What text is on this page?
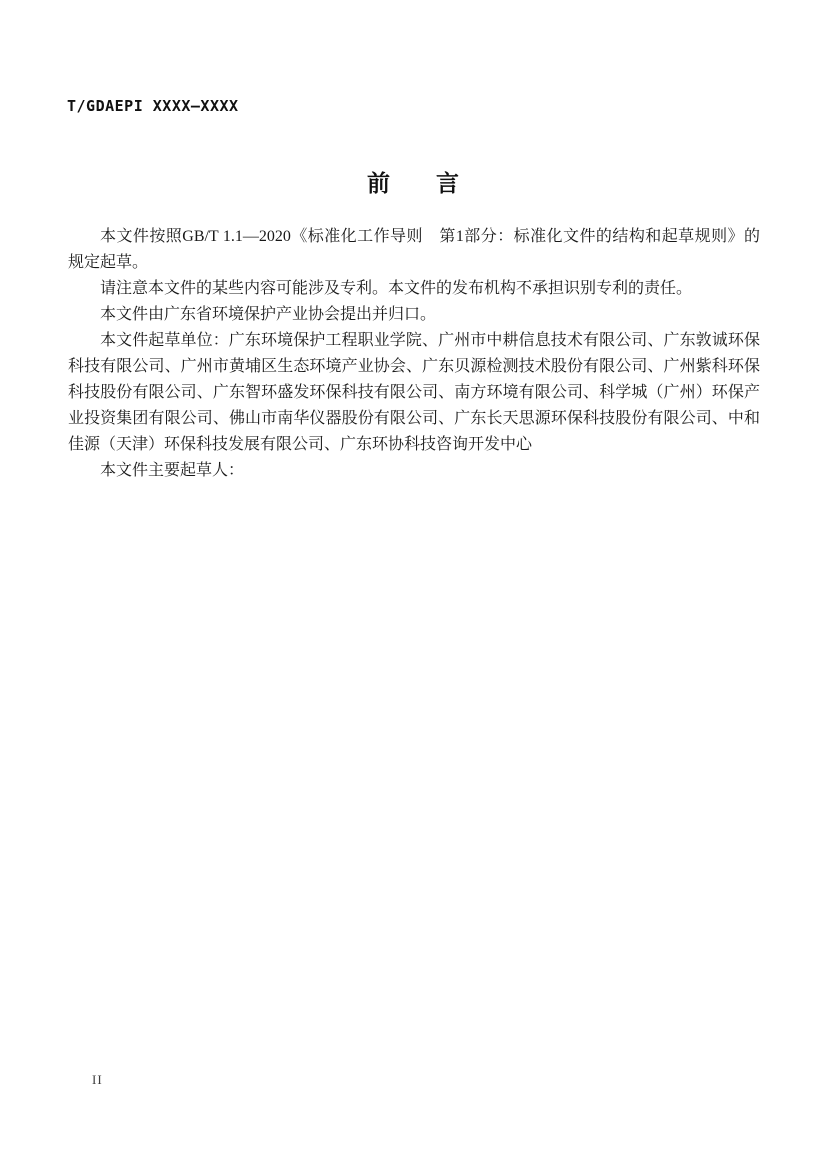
T/GDAEPI XXXX—XXXX
前　　言

本文件按照GB/T 1.1—2020《标准化工作导则　第1部分：标准化文件的结构和起草规则》的规定起草。

请注意本文件的某些内容可能涉及专利。本文件的发布机构不承担识别专利的责任。

本文件由广东省环境保护产业协会提出并归口。

本文件起草单位：广东环境保护工程职业学院、广州市中耕信息技术有限公司、广东敦诚环保科技有限公司、广州市黄埔区生态环境产业协会、广东贝源检测技术股份有限公司、广州紫科环保科技股份有限公司、广东智环盛发环保科技有限公司、南方环境有限公司、科学城（广州）环保产业投资集团有限公司、佛山市南华仪器股份有限公司、广东长天思源环保科技股份有限公司、中和佳源（天津）环保科技发展有限公司、广东环协科技咨询开发中心

本文件主要起草人：

II
